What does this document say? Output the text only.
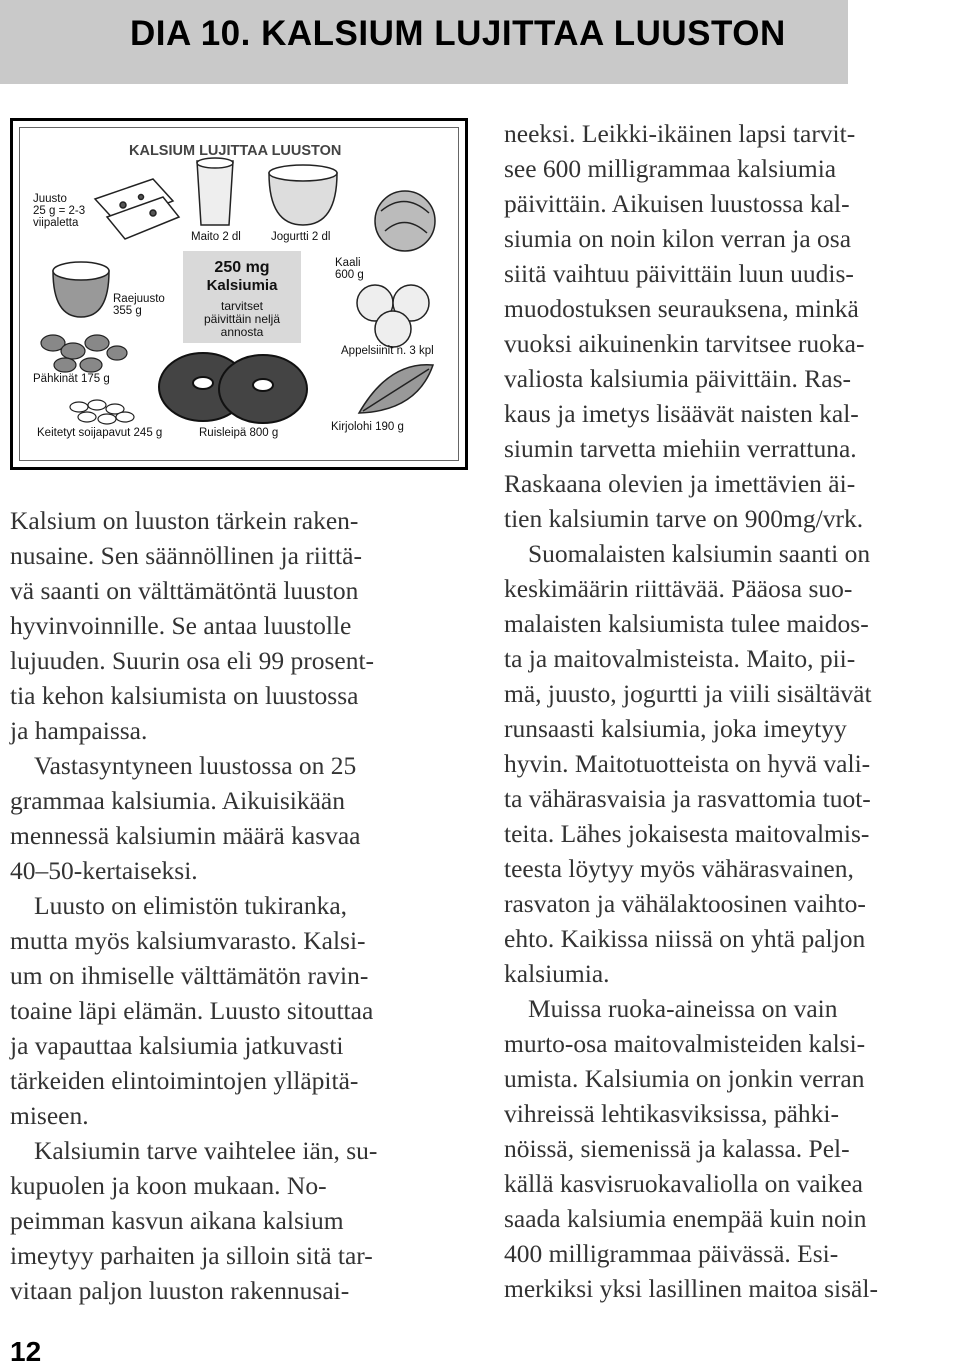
DIA 10. KALSIUM LUJITTAA LUUSTON
KALSIUM LUJITTAA LUUSTON
Juusto
25 g = 2-3
viipaletta
Maito 2 dl	Jogurtti 2 dl
Kaali
600 g
Raejuusto
355 g
250 mg
Kalsiumia
tarvitset
päivittäin neljä
annosta
Appelsiinit n. 3 kpl
Pähkinät 175 g
Keitetyt soijapavut 245 g	Ruisleipä 800 g	Kirjolohi 190 g

Kalsium on luuston tärkein raken-
nusaine. Sen säännöllinen ja riittä-
vä saanti on välttämätöntä luuston
hyvinvoinnille. Se antaa luustolle
lujuuden. Suurin osa eli 99 prosent-
tia kehon kalsiumista on luustossa
ja hampaissa.

Vastasyntyneen luustossa on 25
grammaa kalsiumia. Aikuisikään
mennessä kalsiumin määrä kasvaa
40–50-kertaiseksi.

Luusto on elimistön tukiranka,
mutta myös kalsiumvarasto. Kalsi-
um on ihmiselle välttämätön ravin-
toaine läpi elämän. Luusto sitouttaa
ja vapauttaa kalsiumia jatkuvasti
tärkeiden elintoimintojen ylläpitä-
miseen.

Kalsiumin tarve vaihtelee iän, su-
kupuolen ja koon mukaan. No-
peimman kasvun aikana kalsium
imeytyy parhaiten ja silloin sitä tar-
vitaan paljon luuston rakennusai-

neeksi. Leikki-ikäinen lapsi tarvit-
see 600 milligrammaa kalsiumia
päivittäin. Aikuisen luustossa kal-
siumia on noin kilon verran ja osa
siitä vaihtuu päivittäin luun uudis-
muodostuksen seurauksena, minkä
vuoksi aikuinenkin tarvitsee ruoka-
valiosta kalsiumia päivittäin. Ras-
kaus ja imetys lisäävät naisten kal-
siumin tarvetta miehiin verrattuna.
Raskaana olevien ja imettävien äi-
tien kalsiumin tarve on 900mg/vrk.

Suomalaisten kalsiumin saanti on
keskimäärin riittävää. Pääosa suo-
malaisten kalsiumista tulee maidos-
ta ja maitovalmisteista. Maito, pii-
mä, juusto, jogurtti ja viili sisältävät
runsaasti kalsiumia, joka imeytyy
hyvin. Maitotuotteista on hyvä vali-
ta vähärasvaisia ja rasvattomia tuot-
teita. Lähes jokaisesta maitovalmis-
teesta löytyy myös vähärasvainen,
rasvaton ja vähälaktoosinen vaihto-
ehto. Kaikissa niissä on yhtä paljon
kalsiumia.

Muissa ruoka-aineissa on vain
murto-osa maitovalmisteiden kalsi-
umista. Kalsiumia on jonkin verran
vihreissä lehtikasviksissa, pähki-
nöissä, siemenissä ja kalassa. Pel-
källä kasvisruokavaliolla on vaikea
saada kalsiumia enempää kuin noin
400 milligrammaa päivässä. Esi-
merkiksi yksi lasillinen maitoa sisäl-

12
